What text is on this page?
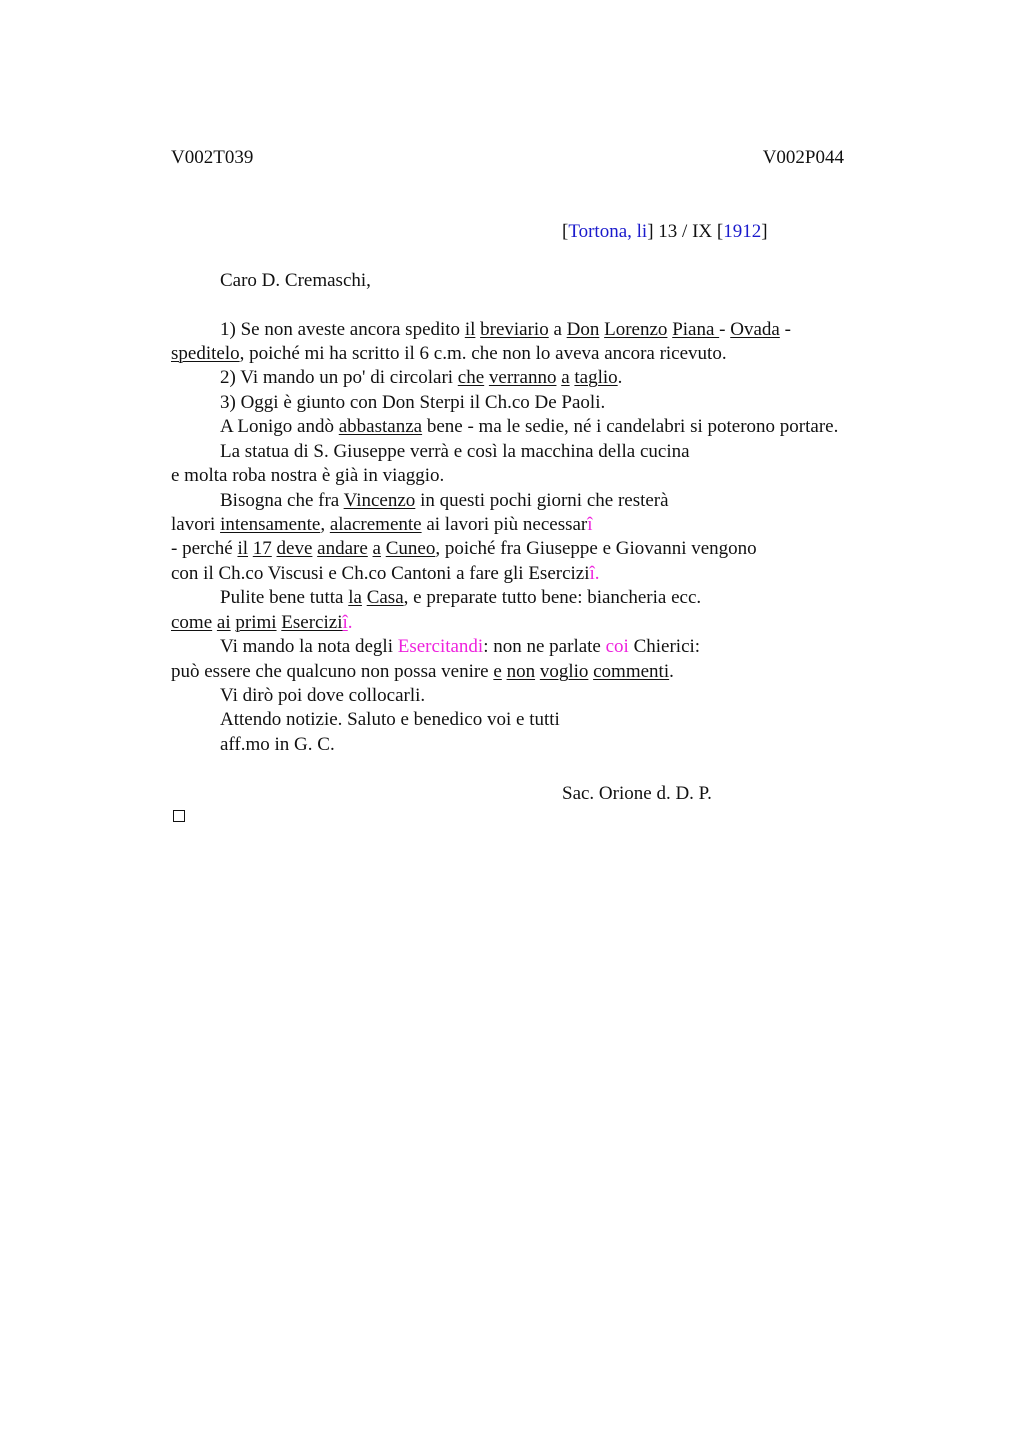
V002T039	V002P044
[Tortona, li] 13 / IX [1912]
Caro D. Cremaschi,
1) Se non aveste ancora spedito il breviario a Don Lorenzo Piana - Ovada -
speditelo, poiché mi ha scritto il 6 c.m. che non lo aveva ancora ricevuto.
2) Vi mando un po' di circolari che verranno a taglio.
3) Oggi è giunto con Don Sterpi il Ch.co De Paoli.
A Lonigo andò abbastanza bene - ma le sedie, né i candelabri si poterono portare.
La statua di S. Giuseppe verrà e così la macchina della cucina
e molta roba nostra è già in viaggio.
Bisogna che fra Vincenzo in questi pochi giorni che resterà
lavori intensamente, alacremente ai lavori più necessarî
- perché il 17 deve andare a Cuneo, poiché fra Giuseppe e Giovanni vengono
con il Ch.co Viscusi e Ch.co Cantoni a fare gli Eserciziî.
Pulite bene tutta la Casa, e preparate tutto bene: biancheria ecc.
come ai primi Eserciziî.
Vi mando la nota degli Esercitandi: non ne parlate coi Chierici:
può essere che qualcuno non possa venire e non voglio commenti.
Vi dirò poi dove collocarli.
Attendo notizie. Saluto e benedico voi e tutti
aff.mo in G. C.
Sac. Orione d. D. P.
